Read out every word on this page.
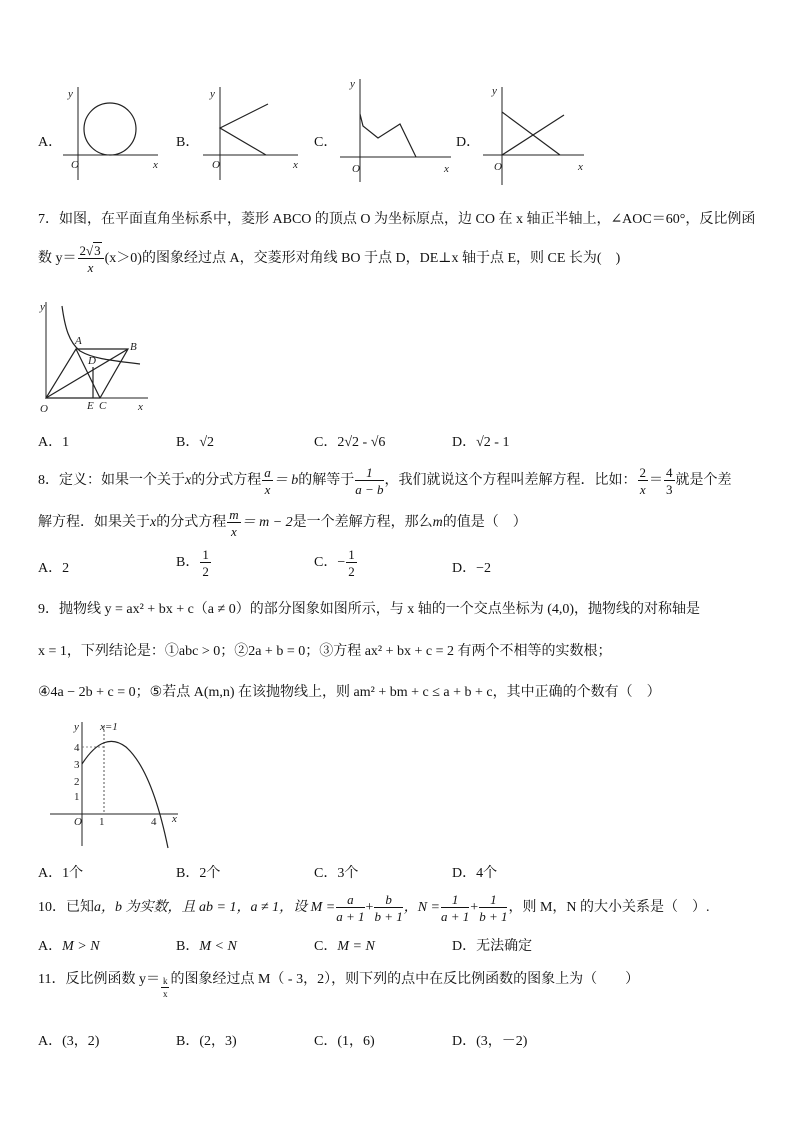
A．
y
x
O
B．
y
x
O
C．
y
x
O
D．
y
x
O
7．如图，在平面直角坐标系中，菱形 ABCO 的顶点 O 为坐标原点，边 CO 在 x 轴正半轴上，∠AOC＝60°，反比例函
数 $y= \frac{2√3}{x} (x>0)$的图象经过点 A，交菱形对角线 BO 于点 D，DE⊥x 轴于点 E，则 CE 长为(　)
y
x
O
A	B
D
E C
A．1	B．√2	C．2√2 - √6	D．√2 - 1
8．定义：如果一个关于x的分式方程 $\frac{a}{x} = b$的解等于 $\frac{1}{a - b}$ ，我们就说这个方程叫差解方程．比如： $\frac{2}{x} = \frac{4}{3}$ 就是个差
解方程．如果关于x的分式方程 $\frac{m}{x} = m - 2$是一个差解方程，那么m的值是（　）
A．2	B． $\frac{1}{2}$	C．− $\frac{1}{2}$	D．−2
9．抛物线 y = ax² + bx + c（a ≠ 0）的部分图象如图所示，与 x 轴的一个交点坐标为 (4,0)，抛物线的对称轴是
x = 1，下列结论是：①abc > 0；②2a + b = 0；③方程 ax² + bx + c = 2 有两个不相等的实数根；
④4a − 2b + c = 0；⑤若点 A(m,n) 在该抛物线上，则 am² + bm + c ≤ a + b + c，其中正确的个数有（　）
y
x
O
x=1
4
3
2
1
1	4
A．1个	B．2个	C．3个	D．4个
10．已知a，b 为实数，且 ab = 1，a ≠ 1，设 $M = \frac{a}{a + 1} + \frac{b}{b + 1}$ ，$N = \frac{1}{a + 1} + \frac{1}{b + 1}$ ，则 M，N 的大小关系是（　）.
A．M > N	B．M < N	C．M = N	D．无法确定
11．反比例函数 $y= \frac{k}{x}$ 的图象经过点 M（ - 3，2），则下列的点中在反比例函数的图象上为（　　）
A．(3，2)	B．(2，3)	C．(1，6)	D．(3，－2)
